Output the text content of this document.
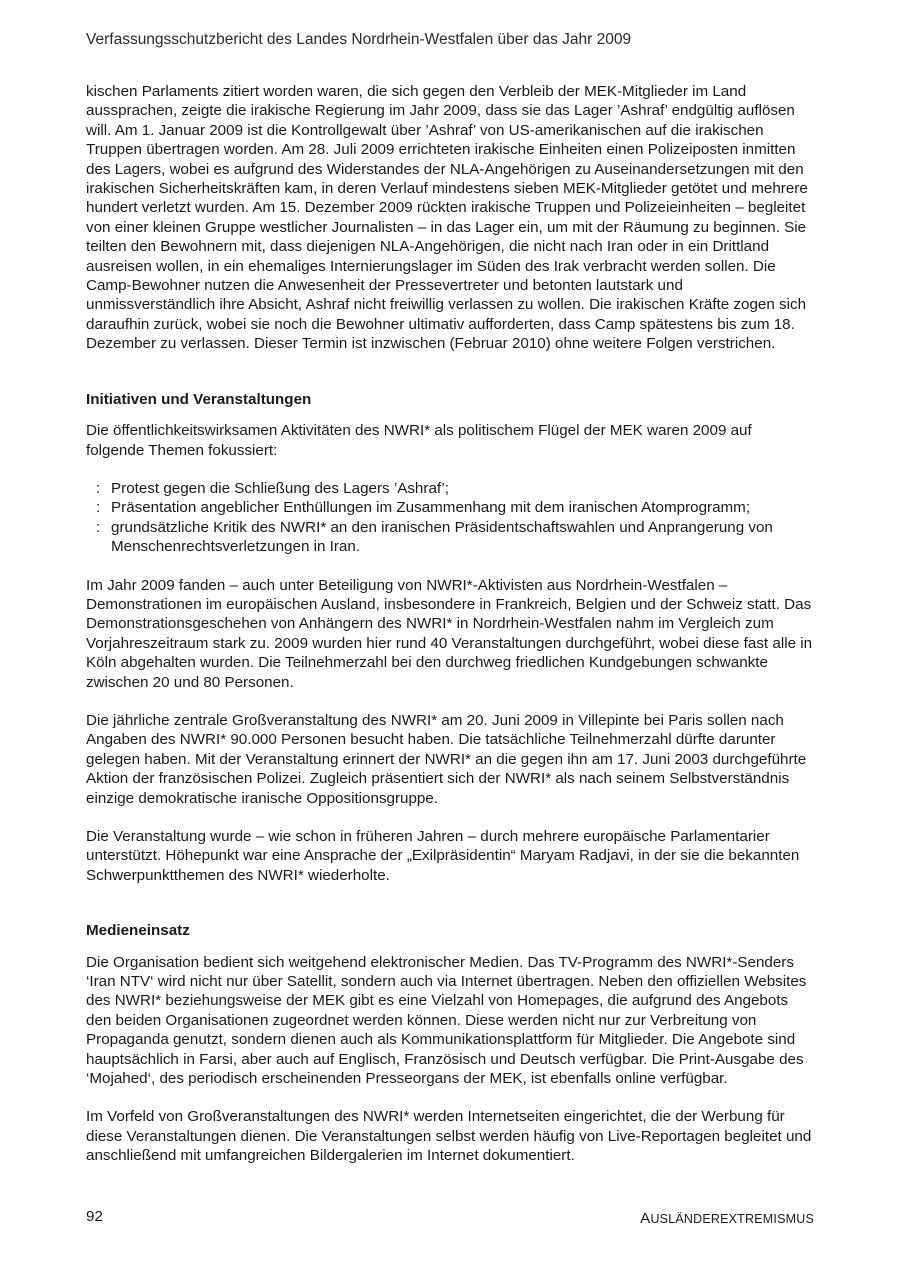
Verfassungsschutzbericht des Landes Nordrhein-Westfalen über das Jahr 2009

kischen Parlaments zitiert worden waren, die sich gegen den Verbleib der MEK-Mitglieder im Land aussprachen, zeigte die irakische Regierung im Jahr 2009, dass sie das Lager ’Ashraf’ endgültig auflösen will. Am 1. Januar 2009 ist die Kontrollgewalt über ’Ashraf’ von US-amerikanischen auf die irakischen Truppen übertragen worden. Am 28. Juli 2009 errichteten irakische Einheiten einen Polizeiposten inmitten des Lagers, wobei es aufgrund des Widerstandes der NLA-Angehörigen zu Auseinandersetzungen mit den irakischen Sicherheitskräften kam, in deren Verlauf mindestens sieben MEK-Mitglieder getötet und mehrere hundert verletzt wurden. Am 15. Dezember 2009 rückten irakische Truppen und Polizeieinheiten – begleitet von einer kleinen Gruppe westlicher Journalisten – in das Lager ein, um mit der Räumung zu beginnen. Sie teilten den Bewohnern mit, dass diejenigen NLA-Angehörigen, die nicht nach Iran oder in ein Drittland ausreisen wollen, in ein ehemaliges Internierungslager im Süden des Irak verbracht werden sollen. Die Camp-Bewohner nutzen die Anwesenheit der Pressevertreter und betonten lautstark und unmissverständlich ihre Absicht, Ashraf nicht freiwillig verlassen zu wollen. Die irakischen Kräfte zogen sich daraufhin zurück, wobei sie noch die Bewohner ultimativ aufforderten, dass Camp spätestens bis zum 18. Dezember zu verlassen. Dieser Termin ist inzwischen (Februar 2010) ohne weitere Folgen verstrichen.

Initiativen und Veranstaltungen

Die öffentlichkeitswirksamen Aktivitäten des NWRI* als politischem Flügel der MEK waren 2009 auf folgende Themen fokussiert:

: Protest gegen die Schließung des Lagers ’Ashraf’;
: Präsentation angeblicher Enthüllungen im Zusammenhang mit dem iranischen Atomprogramm;
: grundsätzliche Kritik des NWRI* an den iranischen Präsidentschaftswahlen und Anprangerung von Menschenrechtsverletzungen in Iran.

Im Jahr 2009 fanden – auch unter Beteiligung von NWRI*-Aktivisten aus Nordrhein-Westfalen – Demonstrationen im europäischen Ausland, insbesondere in Frankreich, Belgien und der Schweiz statt. Das Demonstrationsgeschehen von Anhängern des NWRI* in Nordrhein-Westfalen nahm im Vergleich zum Vorjahreszeitraum stark zu. 2009 wurden hier rund 40 Veranstaltungen durchgeführt, wobei diese fast alle in Köln abgehalten wurden. Die Teilnehmerzahl bei den durchweg friedlichen Kundgebungen schwankte zwischen 20 und 80 Personen.

Die jährliche zentrale Großveranstaltung des NWRI* am 20. Juni 2009 in Villepinte bei Paris sollen nach Angaben des NWRI* 90.000 Personen besucht haben. Die tatsächliche Teilnehmerzahl dürfte darunter gelegen haben. Mit der Veranstaltung erinnert der NWRI* an die gegen ihn am 17. Juni 2003 durchgeführte Aktion der französischen Polizei. Zugleich präsentiert sich der NWRI* als nach seinem Selbstverständnis einzige demokratische iranische Oppositionsgruppe.

Die Veranstaltung wurde – wie schon in früheren Jahren – durch mehrere europäische Parlamentarier unterstützt. Höhepunkt war eine Ansprache der „Exilpräsidentin“ Maryam Radjavi, in der sie die bekannten Schwerpunktthemen des NWRI* wiederholte.

Medieneinsatz

Die Organisation bedient sich weitgehend elektronischer Medien. Das TV-Programm des NWRI*-Senders ‘Iran NTV‘ wird nicht nur über Satellit, sondern auch via Internet übertragen. Neben den offiziellen Websites des NWRI* beziehungsweise der MEK gibt es eine Vielzahl von Homepages, die aufgrund des Angebots den beiden Organisationen zugeordnet werden können. Diese werden nicht nur zur Verbreitung von Propaganda genutzt, sondern dienen auch als Kommunikationsplattform für Mitglieder. Die Angebote sind hauptsächlich in Farsi, aber auch auf Englisch, Französisch und Deutsch verfügbar. Die Print-Ausgabe des ‘Mojahed‘, des periodisch erscheinenden Presseorgans der MEK, ist ebenfalls online verfügbar.

Im Vorfeld von Großveranstaltungen des NWRI* werden Internetseiten eingerichtet, die der Werbung für diese Veranstaltungen dienen. Die Veranstaltungen selbst werden häufig von Live-Reportagen begleitet und anschließend mit umfangreichen Bildergalerien im Internet dokumentiert.

92	AUSLÄNDEREXTREMISMUS
